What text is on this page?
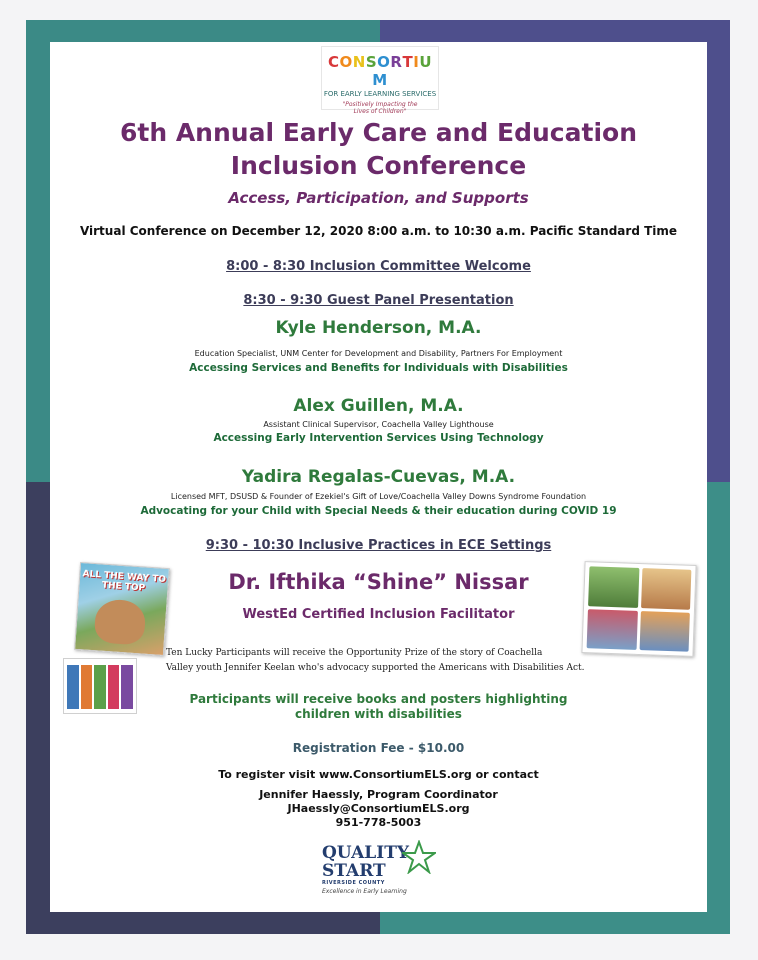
CONSORTIUM
FOR EARLY LEARNING SERVICES
"Positively Impacting the
Lives of Children"
6th Annual Early Care and Education
Inclusion Conference
Access, Participation, and Supports
Virtual Conference on December 12, 2020 8:00 a.m. to 10:30 a.m. Pacific Standard Time
8:00 - 8:30 Inclusion Committee Welcome
8:30 - 9:30 Guest Panel Presentation
Kyle Henderson, M.A.
Education Specialist, UNM Center for Development and Disability, Partners For Employment
Accessing Services and Benefits for Individuals with Disabilities
Alex Guillen, M.A.
Assistant Clinical Supervisor, Coachella Valley Lighthouse
Accessing Early Intervention Services Using Technology
Yadira Regalas-Cuevas, M.A.
Licensed MFT, DSUSD & Founder of Ezekiel's Gift of Love/Coachella Valley Downs Syndrome Foundation
Advocating for your Child with Special Needs & their education during COVID 19
9:30 - 10:30 Inclusive Practices in ECE Settings
Dr. Ifthika “Shine” Nissar
WestEd Certified Inclusion Facilitator
ALL THE WAY TO THE TOP
Ten Lucky Participants will receive the Opportunity Prize of the story of Coachella
Valley youth Jennifer Keelan who's advocacy supported the Americans with Disabilities Act.
Participants will receive books and posters highlighting
children with disabilities
Registration Fee - $10.00
To register visit www.ConsortiumELS.org or contact
Jennifer Haessly, Program Coordinator
JHaessly@ConsortiumELS.org
951-778-5003
QUALITY
START
RIVERSIDE COUNTY
Excellence in Early Learning
